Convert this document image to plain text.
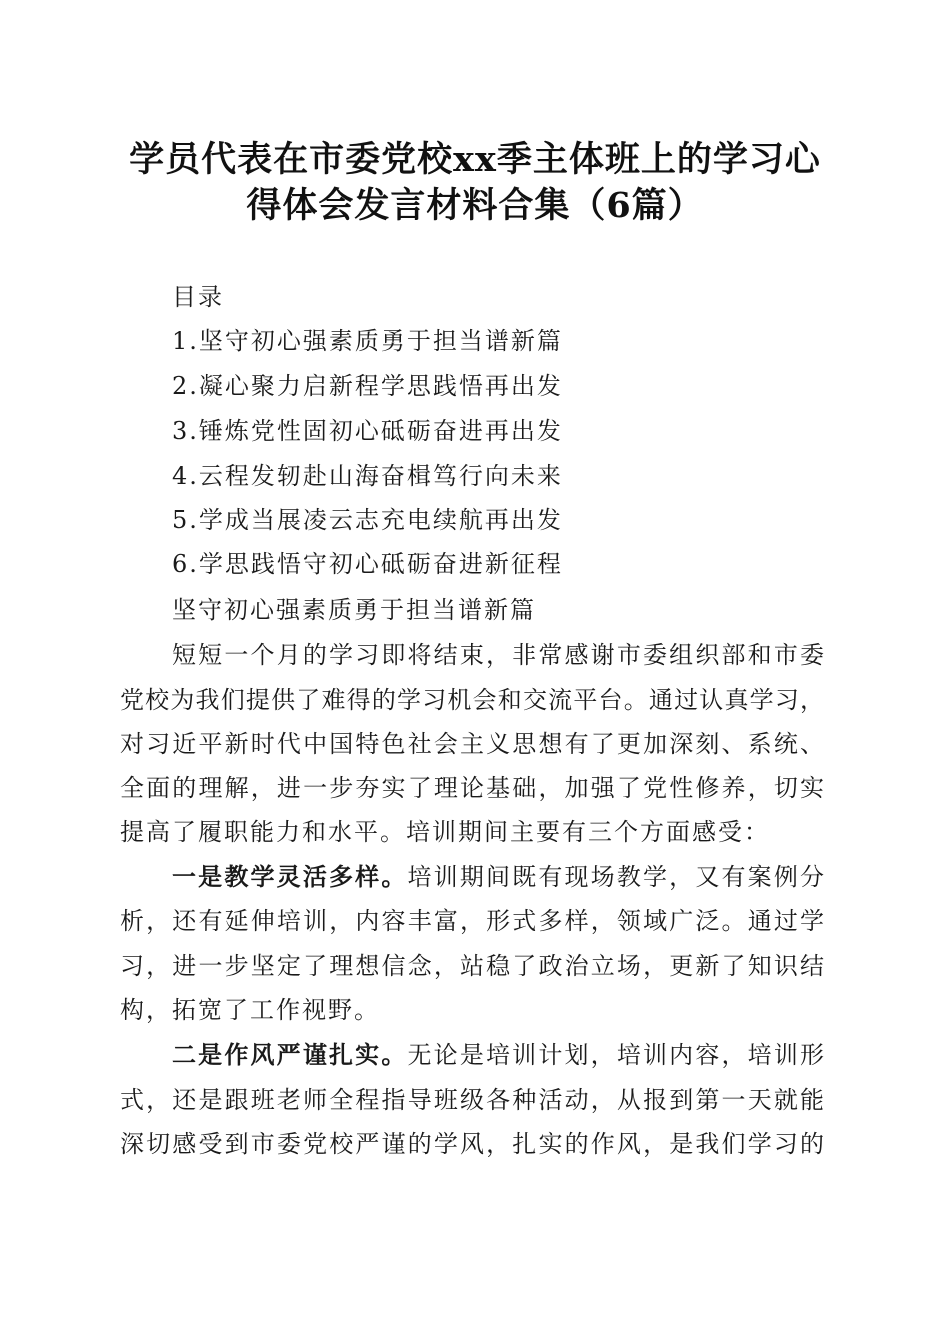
学员代表在市委党校xx季主体班上的学习心
得体会发言材料合集（6篇）
目录
1.坚守初心强素质勇于担当谱新篇
2.凝心聚力启新程学思践悟再出发
3.锤炼党性固初心砥砺奋进再出发
4.云程发轫赴山海奋楫笃行向未来
5.学成当展凌云志充电续航再出发
6.学思践悟守初心砥砺奋进新征程
坚守初心强素质勇于担当谱新篇
短短一个月的学习即将结束，非常感谢市委组织部和市委
党校为我们提供了难得的学习机会和交流平台。通过认真学习，
对习近平新时代中国特色社会主义思想有了更加深刻、系统、
全面的理解，进一步夯实了理论基础，加强了党性修养，切实
提高了履职能力和水平。培训期间主要有三个方面感受：
一是教学灵活多样。培训期间既有现场教学，又有案例分
析，还有延伸培训，内容丰富，形式多样，领域广泛。通过学
习，进一步坚定了理想信念，站稳了政治立场，更新了知识结
构，拓宽了工作视野。
二是作风严谨扎实。无论是培训计划，培训内容，培训形
式，还是跟班老师全程指导班级各种活动，从报到第一天就能
深切感受到市委党校严谨的学风，扎实的作风，是我们学习的
